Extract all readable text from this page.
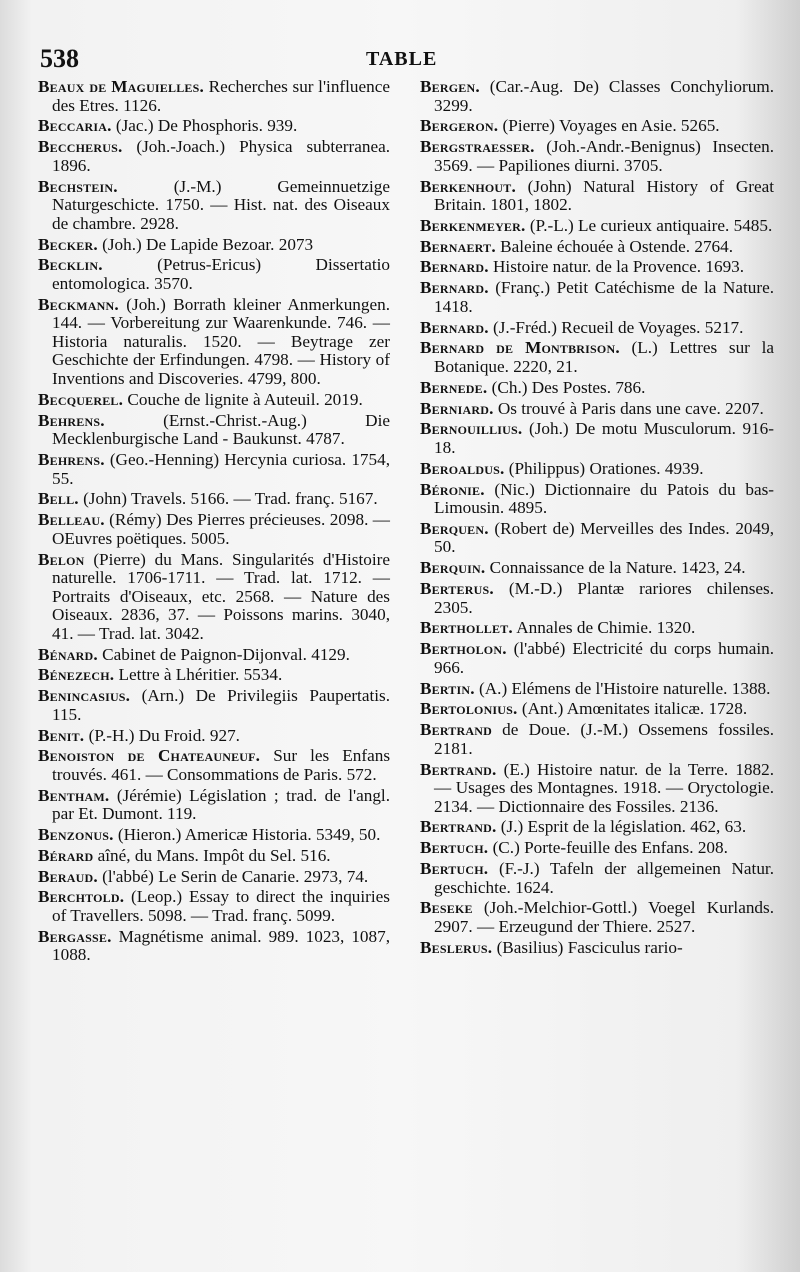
538	TABLE

Beaux de Maguielles. Recherches sur l'influence des Etres. 1126.

Beccaria. (Jac.) De Phosphoris. 939.

Beccherus. (Joh.-Joach.) Physica subterranea. 1896.

Bechstein. (J.-M.) Gemeinnuetzige Naturgeschicte. 1750. — Hist. nat. des Oiseaux de chambre. 2928.

Becker. (Joh.) De Lapide Bezoar. 2073

Becklin. (Petrus-Ericus) Dissertatio entomologica. 3570.

Beckmann. (Joh.) Borrath kleiner Anmerkungen. 144. — Vorbereitung zur Waarenkunde. 746. — Historia naturalis. 1520. — Beytrage zer Geschichte der Erfindungen. 4798. — History of Inventions and Discoveries. 4799, 800.

Becquerel. Couche de lignite à Auteuil. 2019.

Behrens. (Ernst.-Christ.-Aug.) Die Mecklenburgische Land - Baukunst. 4787.

Behrens. (Geo.-Henning) Hercynia curiosa. 1754, 55.

Bell. (John) Travels. 5166. — Trad. franç. 5167.

Belleau. (Rémy) Des Pierres précieuses. 2098. — OEuvres poëtiques. 5005.

Belon (Pierre) du Mans. Singularités d'Histoire naturelle. 1706-1711. — Trad. lat. 1712. — Portraits d'Oiseaux, etc. 2568. — Nature des Oiseaux. 2836, 37. — Poissons marins. 3040, 41. — Trad. lat. 3042.

Bénard. Cabinet de Paignon-Dijonval. 4129.

Bénezech. Lettre à Lhéritier. 5534.

Benincasius. (Arn.) De Privilegiis Paupertatis. 115.

Benit. (P.-H.) Du Froid. 927.

Benoiston de Chateauneuf. Sur les Enfans trouvés. 461. — Consommations de Paris. 572.

Bentham. (Jérémie) Législation ; trad. de l'angl. par Et. Dumont. 119.

Benzonus. (Hieron.) Americæ Historia. 5349, 50.

Bérard aîné, du Mans. Impôt du Sel. 516.

Beraud. (l'abbé) Le Serin de Canarie. 2973, 74.

Berchtold. (Leop.) Essay to direct the inquiries of Travellers. 5098. — Trad. franç. 5099.

Bergasse. Magnétisme animal. 989. 1023, 1087, 1088.

Bergen. (Car.-Aug. De) Classes Conchyliorum. 3299.

Bergeron. (Pierre) Voyages en Asie. 5265.

Bergstraesser. (Joh.-Andr.-Benignus) Insecten. 3569. — Papiliones diurni. 3705.

Berkenhout. (John) Natural History of Great Britain. 1801, 1802.

Berkenmeyer. (P.-L.) Le curieux antiquaire. 5485.

Bernaert. Baleine échouée à Ostende. 2764.

Bernard. Histoire natur. de la Provence. 1693.

Bernard. (Franç.) Petit Catéchisme de la Nature. 1418.

Bernard. (J.-Fréd.) Recueil de Voyages. 5217.

Bernard de Montbrison. (L.) Lettres sur la Botanique. 2220, 21.

Bernede. (Ch.) Des Postes. 786.

Berniard. Os trouvé à Paris dans une cave. 2207.

Bernouillius. (Joh.) De motu Musculorum. 916-18.

Beroaldus. (Philippus) Orationes. 4939.

Béronie. (Nic.) Dictionnaire du Patois du bas-Limousin. 4895.

Berquen. (Robert de) Merveilles des Indes. 2049, 50.

Berquin. Connaissance de la Nature. 1423, 24.

Berterus. (M.-D.) Plantæ rariores chilenses. 2305.

Berthollet. Annales de Chimie. 1320.

Bertholon. (l'abbé) Electricité du corps humain. 966.

Bertin. (A.) Elémens de l'Histoire naturelle. 1388.

Bertolonius. (Ant.) Amœnitates italicæ. 1728.

Bertrand de Doue. (J.-M.) Ossemens fossiles. 2181.

Bertrand. (E.) Histoire natur. de la Terre. 1882. — Usages des Montagnes. 1918. — Oryctologie. 2134. — Dictionnaire des Fossiles. 2136.

Bertrand. (J.) Esprit de la législation. 462, 63.

Bertuch. (C.) Porte-feuille des Enfans. 208.

Bertuch. (F.-J.) Tafeln der allgemeinen Natur. geschichte. 1624.

Beseke (Joh.-Melchior-Gottl.) Voegel Kurlands. 2907. — Erzeugund der Thiere. 2527.

Beslerus. (Basilius) Fasciculus rario-
